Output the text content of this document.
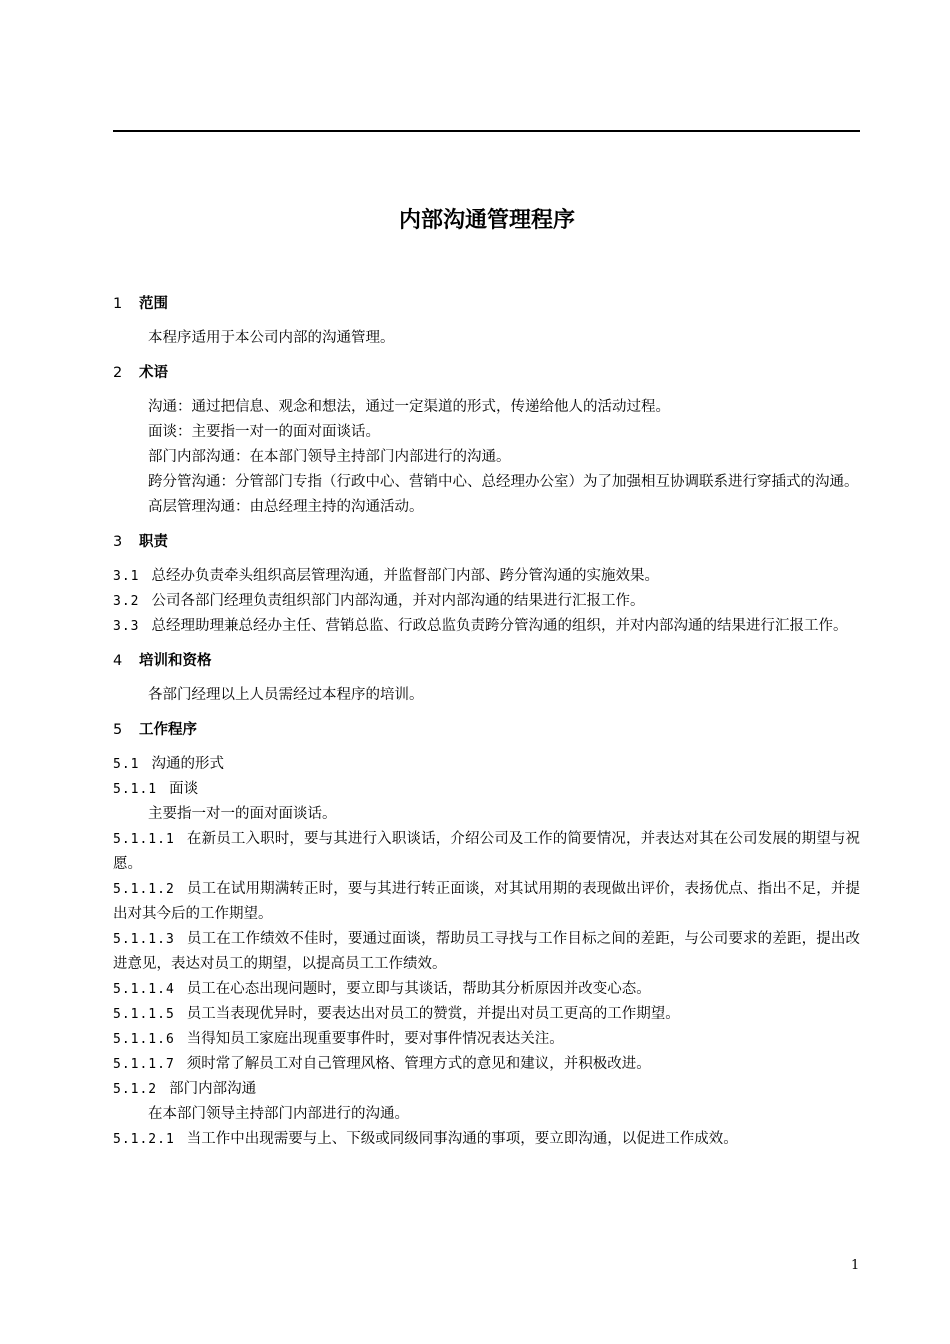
内部沟通管理程序
1 范围

本程序适用于本公司内部的沟通管理。

2 术语

沟通：通过把信息、观念和想法，通过一定渠道的形式，传递给他人的活动过程。

面谈：主要指一对一的面对面谈话。

部门内部沟通：在本部门领导主持部门内部进行的沟通。

跨分管沟通：分管部门专指（行政中心、营销中心、总经理办公室）为了加强相互协调联系进行穿插式的沟通。

高层管理沟通：由总经理主持的沟通活动。

3 职责

3.1 总经办负责牵头组织高层管理沟通，并监督部门内部、跨分管沟通的实施效果。

3.2 公司各部门经理负责组织部门内部沟通，并对内部沟通的结果进行汇报工作。

3.3 总经理助理兼总经办主任、营销总监、行政总监负责跨分管沟通的组织，并对内部沟通的结果进行汇报工作。

4 培训和资格

各部门经理以上人员需经过本程序的培训。

5 工作程序

5.1 沟通的形式

5.1.1 面谈

主要指一对一的面对面谈话。

5.1.1.1 在新员工入职时，要与其进行入职谈话，介绍公司及工作的简要情况，并表达对其在公司发展的期望与祝愿。

5.1.1.2 员工在试用期满转正时，要与其进行转正面谈，对其试用期的表现做出评价，表扬优点、指出不足，并提出对其今后的工作期望。

5.1.1.3 员工在工作绩效不佳时，要通过面谈，帮助员工寻找与工作目标之间的差距，与公司要求的差距，提出改进意见，表达对员工的期望，以提高员工工作绩效。

5.1.1.4 员工在心态出现问题时，要立即与其谈话，帮助其分析原因并改变心态。

5.1.1.5 员工当表现优异时，要表达出对员工的赞赏，并提出对员工更高的工作期望。

5.1.1.6 当得知员工家庭出现重要事件时，要对事件情况表达关注。

5.1.1.7 须时常了解员工对自己管理风格、管理方式的意见和建议，并积极改进。

5.1.2 部门内部沟通

在本部门领导主持部门内部进行的沟通。

5.1.2.1 当工作中出现需要与上、下级或同级同事沟通的事项，要立即沟通，以促进工作成效。

1
